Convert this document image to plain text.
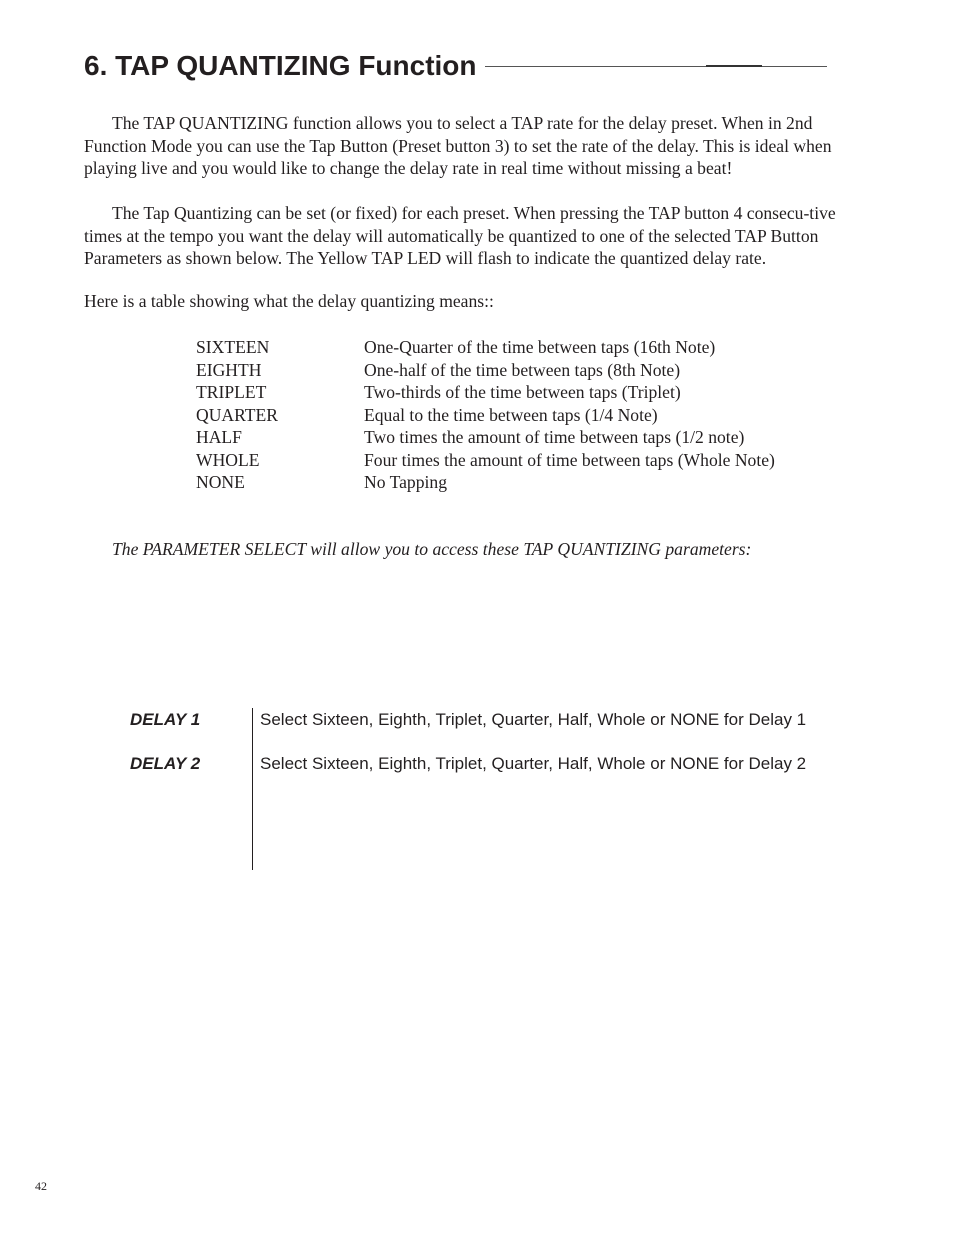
6. TAP QUANTIZING Function

The TAP QUANTIZING function allows you to select a TAP rate for the delay preset. When in 2nd Function Mode you can use the Tap Button (Preset button 3) to set the rate of the delay. This is ideal when playing live and you would like to change the delay rate in real time without missing a beat!

The Tap Quantizing can be set (or fixed) for each preset. When pressing the TAP button 4 consecu-tive times at the tempo you want the delay will automatically be quantized to one of the selected TAP Button Parameters as shown below. The Yellow TAP LED will flash to indicate the quantized delay rate.

Here is a table showing what the delay quantizing means::

SIXTEEN	One-Quarter of the time between taps (16th Note)
EIGHTH	One-half of the time between taps (8th Note)
TRIPLET	Two-thirds of the time between taps (Triplet)
QUARTER	Equal to the time between taps (1/4 Note)
HALF	Two times the amount of time between taps (1/2 note)
WHOLE	Four times the amount of time between taps (Whole Note)
NONE	No Tapping

The PARAMETER SELECT will allow you to access these TAP QUANTIZING parameters:

DELAY 1	Select Sixteen, Eighth, Triplet, Quarter, Half, Whole or NONE for Delay 1
DELAY 2	Select Sixteen, Eighth, Triplet, Quarter, Half, Whole or NONE for Delay 2

42
